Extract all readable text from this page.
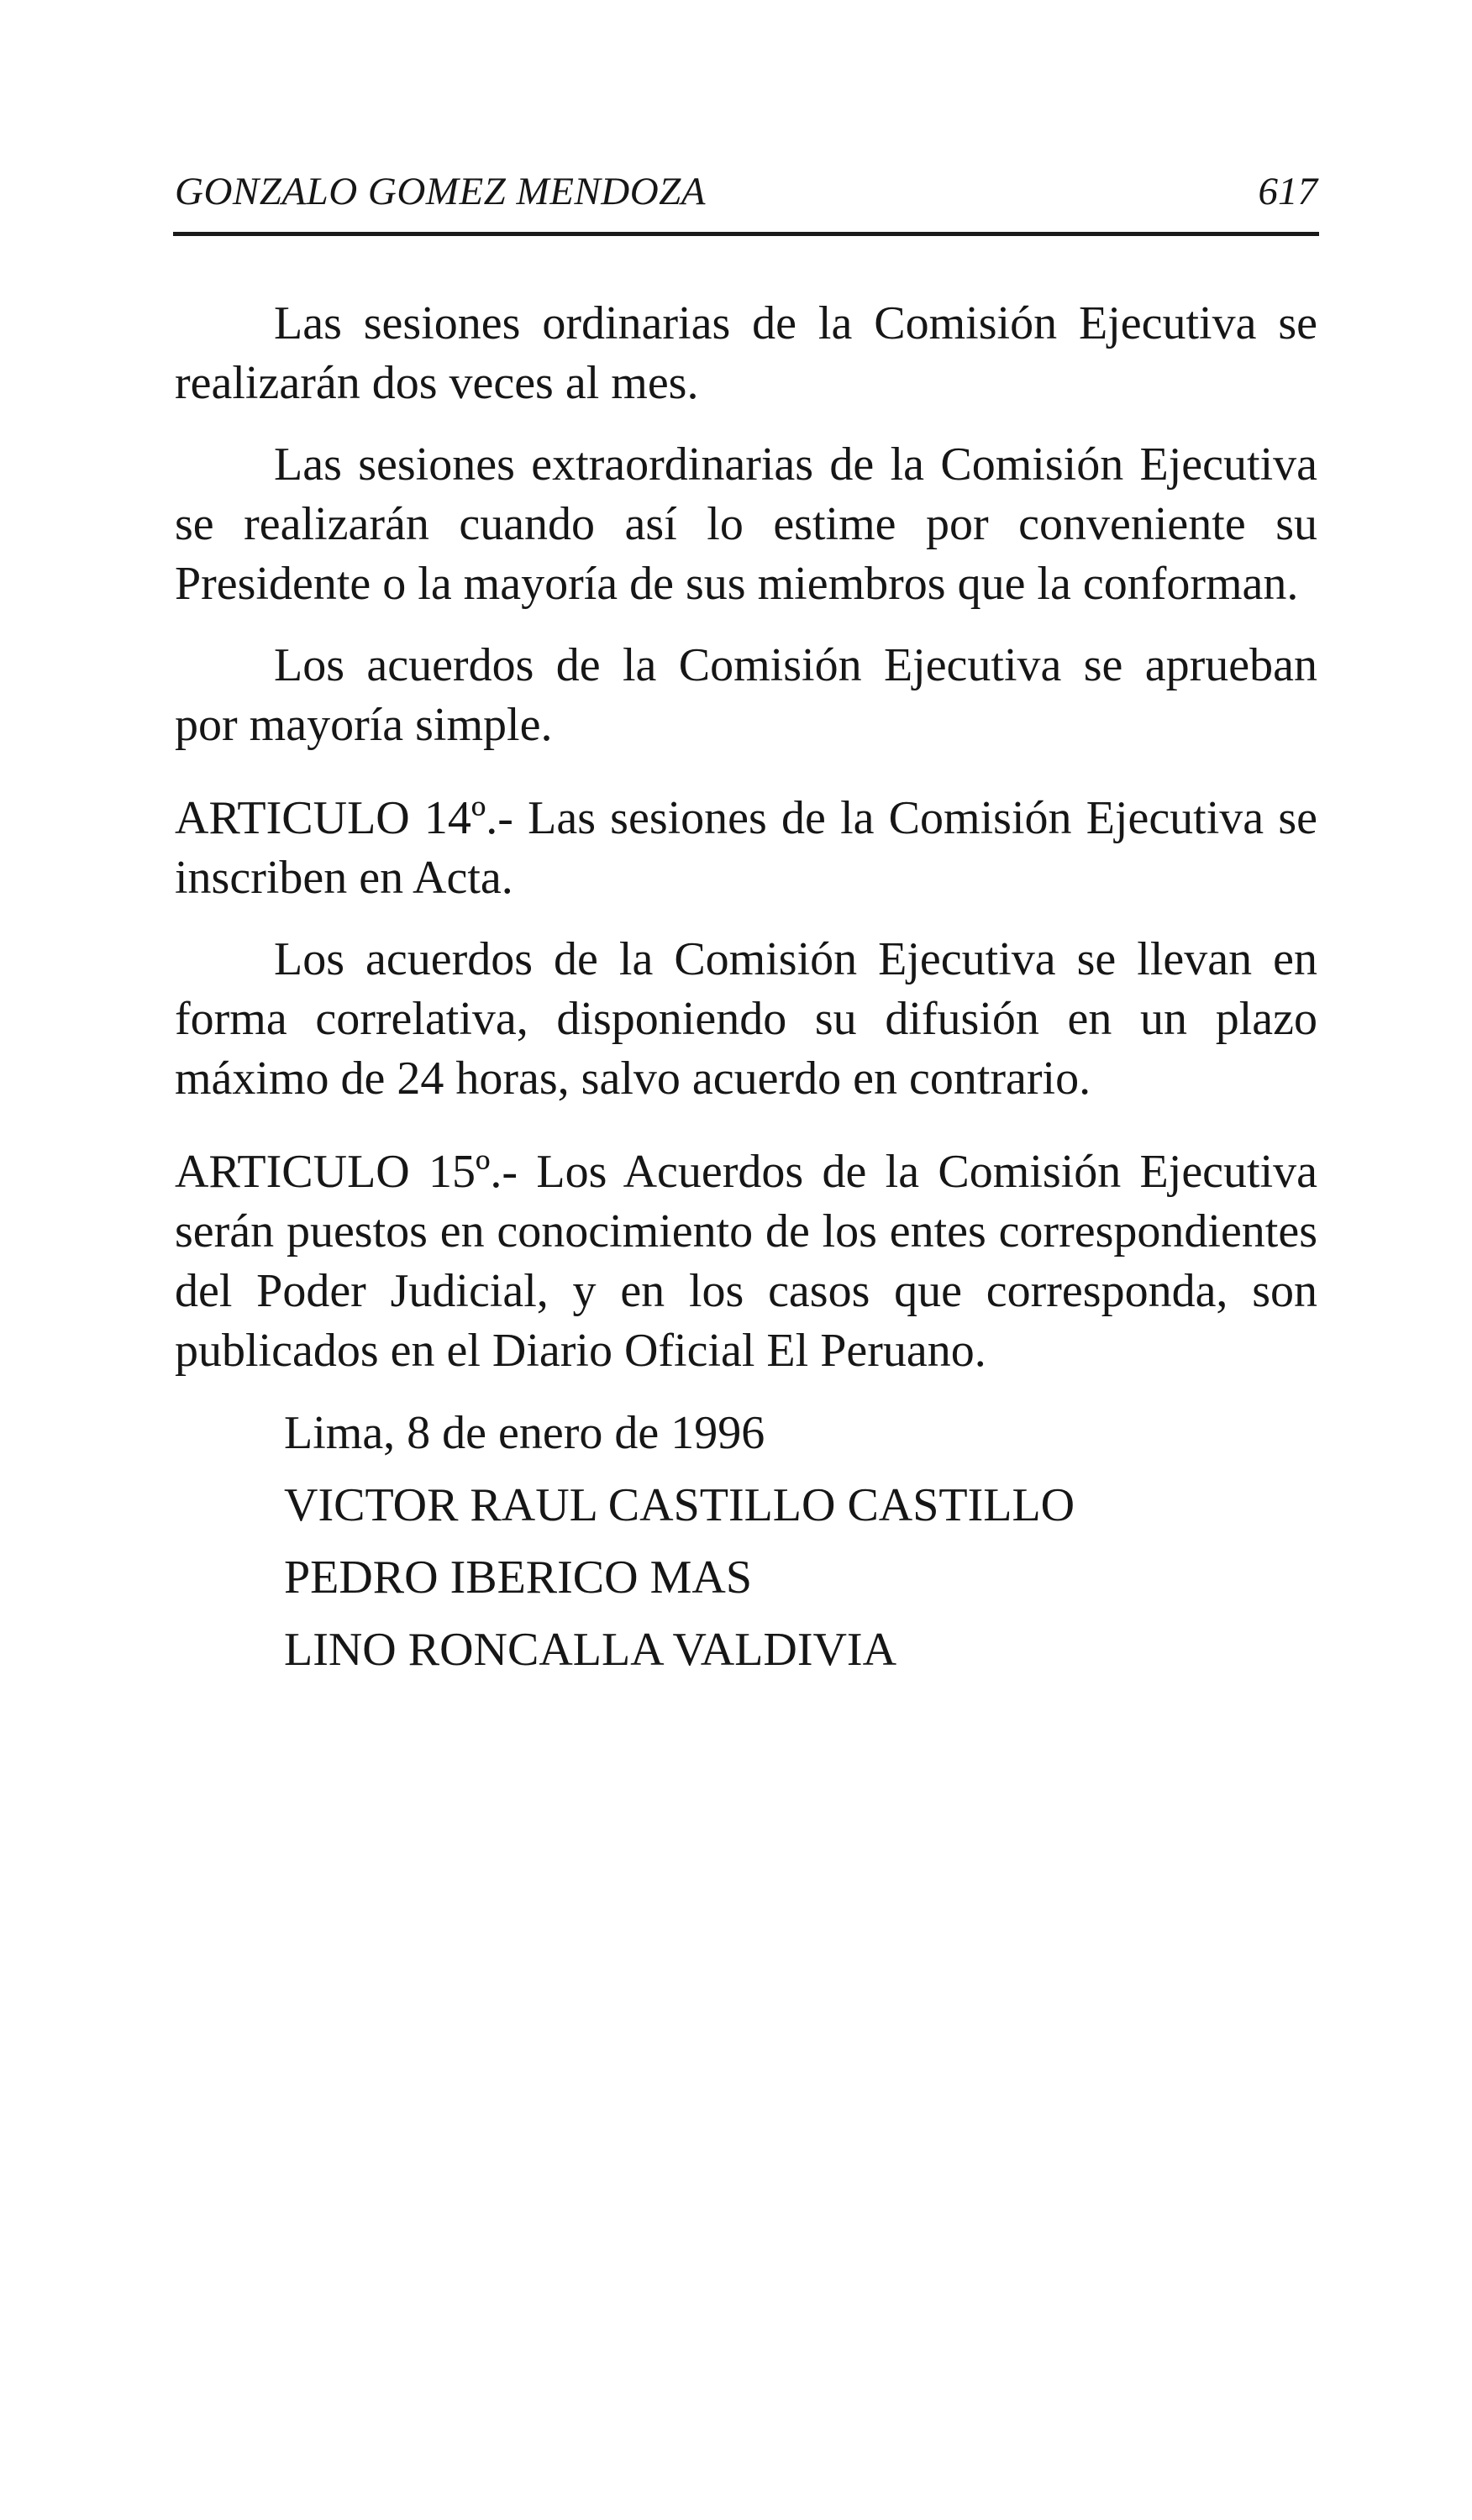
GONZALO GOMEZ MENDOZA	617

Las sesiones ordinarias de la Comisión Ejecutiva se realizarán dos veces al mes.

Las sesiones extraordinarias de la Comisión Ejecutiva se realizarán cuando así lo estime por conveniente su Presidente o la mayoría de sus miembros que la conforman.

Los acuerdos de la Comisión Ejecutiva se aprueban por mayoría simple.

ARTICULO 14º.- Las sesiones de la Comisión Ejecutiva se inscriben en Acta.

Los acuerdos de la Comisión Ejecutiva se llevan en forma correlativa, disponiendo su difusión en un plazo máximo de 24 horas, salvo acuerdo en contrario.

ARTICULO 15º.- Los Acuerdos de la Comisión Ejecutiva serán puestos en conocimiento de los entes correspondientes del Poder Judicial, y en los casos que corresponda, son publicados en el Diario Oficial El Peruano.

Lima, 8 de enero de 1996

VICTOR RAUL CASTILLO CASTILLO

PEDRO IBERICO MAS

LINO RONCALLA VALDIVIA
